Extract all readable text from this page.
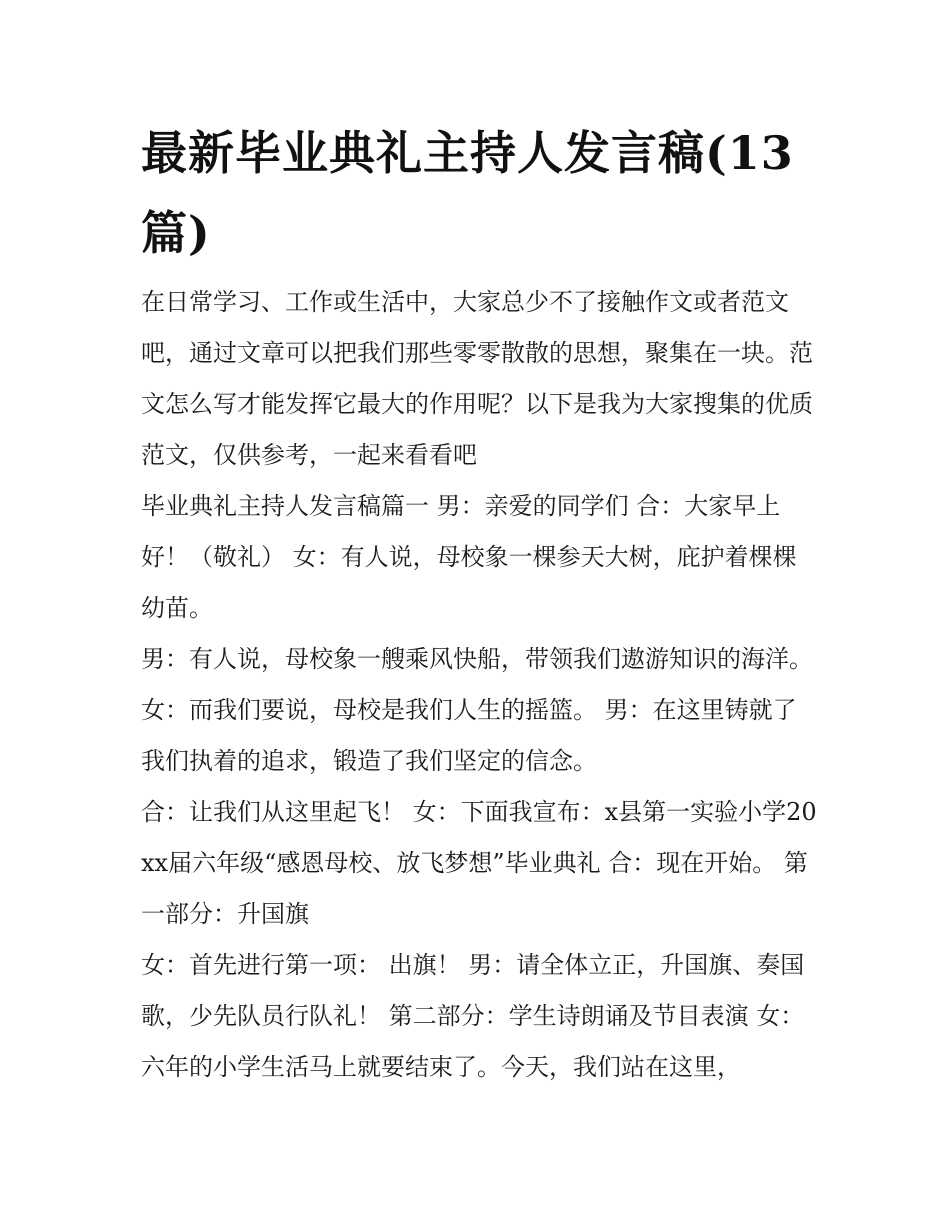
最新毕业典礼主持人发言稿(13篇)

在日常学习、工作或生活中，大家总少不了接触作文或者范文吧，通过文章可以把我们那些零零散散的思想，聚集在一块。范文怎么写才能发挥它最大的作用呢？以下是我为大家搜集的优质范文，仅供参考，一起来看看吧

毕业典礼主持人发言稿篇一 男：亲爱的同学们 合：大家早上好！（敬礼） 女：有人说，母校象一棵参天大树，庇护着棵棵幼苗。

男：有人说，母校象一艘乘风快船，带领我们遨游知识的海洋。 女：而我们要说，母校是我们人生的摇篮。 男：在这里铸就了我们执着的追求，锻造了我们坚定的信念。

合：让我们从这里起飞！ 女：下面我宣布：x县第一实验小学20xx届六年级“感恩母校、放飞梦想”毕业典礼 合：现在开始。 第一部分：升国旗

女：首先进行第一项： 出旗！ 男：请全体立正，升国旗、奏国歌，少先队员行队礼！ 第二部分：学生诗朗诵及节目表演 女：六年的小学生活马上就要结束了。今天，我们站在这里，
